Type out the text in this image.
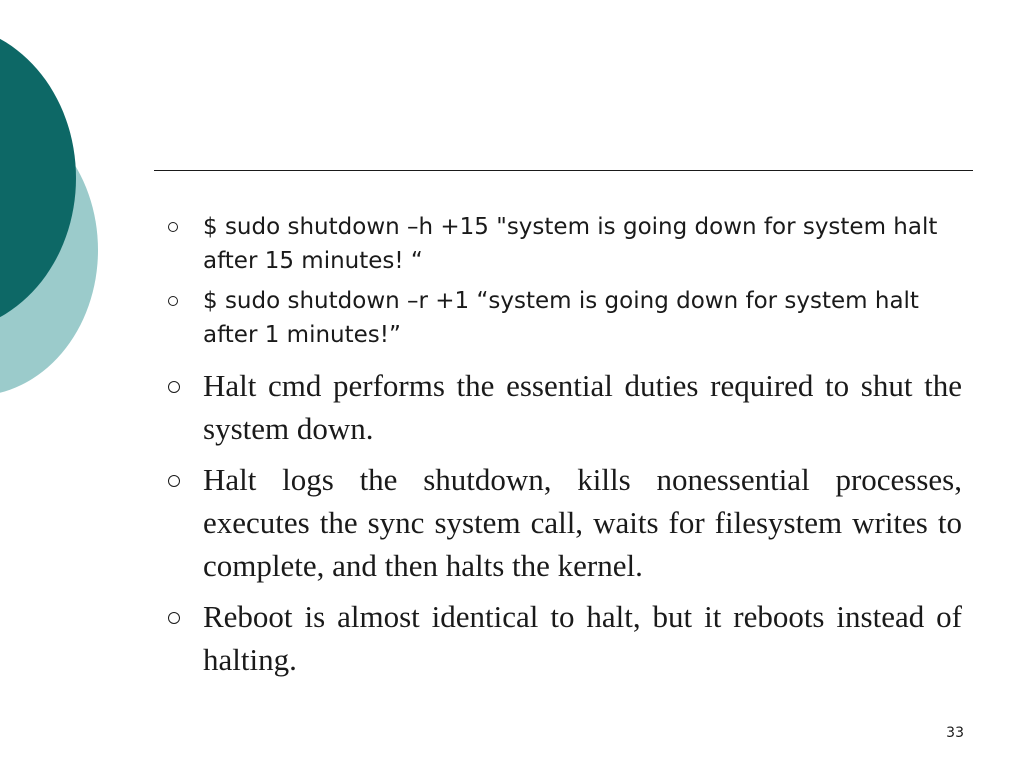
$ sudo shutdown –h +15 "system is going down for system halt after 15 minutes! “
$ sudo shutdown –r +1 “system is going down for system halt after 1 minutes!”
Halt cmd performs the essential duties required to shut the system down.
Halt logs the shutdown, kills nonessential processes, executes the sync system call, waits for filesystem writes to complete, and then halts the kernel.
Reboot is almost identical to halt, but it reboots instead of halting.
33
